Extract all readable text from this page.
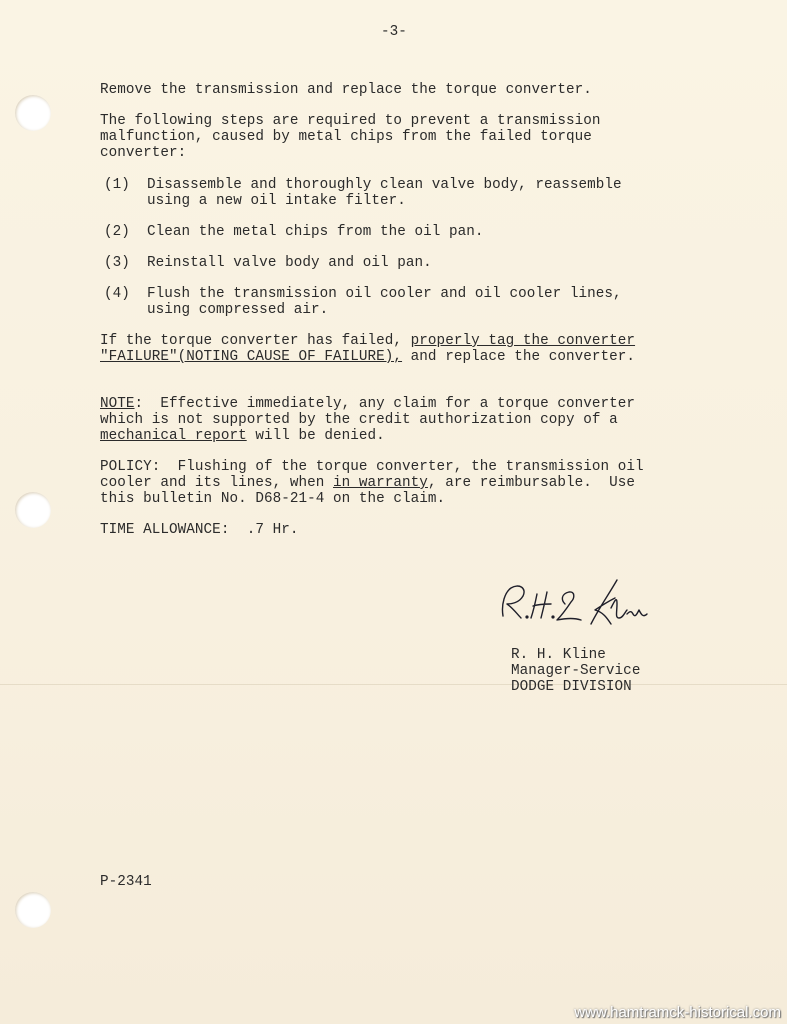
-3-
Remove the transmission and replace the torque converter.
The following steps are required to prevent a transmission
malfunction, caused by metal chips from the failed torque
converter:
(1) Disassemble and thoroughly clean valve body, reassemble
using a new oil intake filter.
(2) Clean the metal chips from the oil pan.
(3) Reinstall valve body and oil pan.
(4) Flush the transmission oil cooler and oil cooler lines,
using compressed air.
If the torque converter has failed, properly tag the converter
"FAILURE"(NOTING CAUSE OF FAILURE), and replace the converter.
NOTE:  Effective immediately, any claim for a torque converter
which is not supported by the credit authorization copy of a
mechanical report will be denied.
POLICY:  Flushing of the torque converter, the transmission oil
cooler and its lines, when in warranty, are reimbursable.  Use
this bulletin No. D68-21-4 on the claim.
TIME ALLOWANCE:  .7 Hr.
R. H. Kline
Manager-Service
DODGE DIVISION
P-2341
www.hamtramck-historical.com
